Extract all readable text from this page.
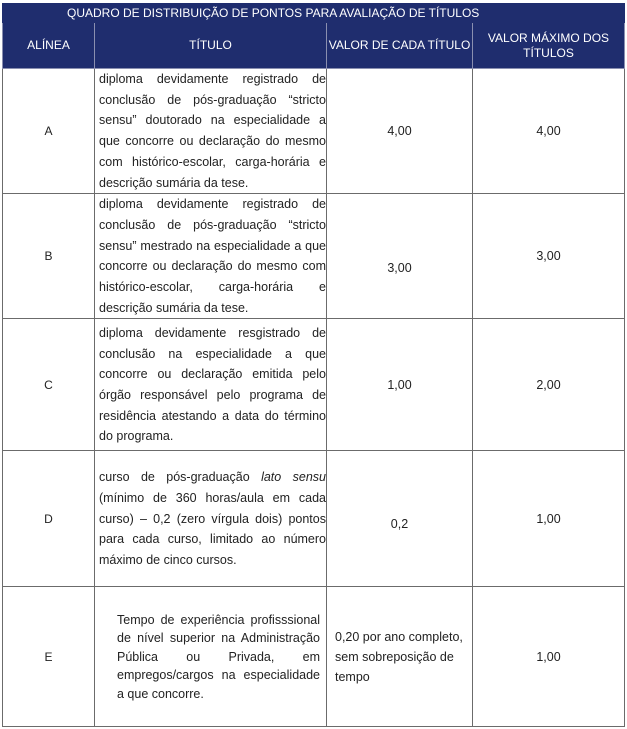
QUADRO DE DISTRIBUIÇÃO DE PONTOS PARA AVALIAÇÃO DE TÍTULOS			
ALÍNEA	TÍTULO	VALOR DE CADA TÍTULO	VALOR MÁXIMO DOS TÍTULOS
A	diploma devidamente registrado de conclusão de pós-graduação “stricto sensu” doutorado na especialidade a que concorre ou declaração do mesmo com histórico-escolar, carga-horária e descrição sumária da tese.	4,00	4,00
B	diploma devidamente registrado de conclusão de pós-graduação “stricto sensu” mestrado na especialidade a que concorre ou declaração do mesmo com histórico-escolar, carga-horária e descrição sumária da tese.	3,00	3,00
C	diploma devidamente resgistrado de conclusão na especialidade a que concorre ou declaração emitida pelo órgão responsável pelo programa de residência atestando a data do término do programa.	1,00	2,00
D	curso de pós-graduação lato sensu (mínimo de 360 horas/aula em cada curso) – 0,2 (zero vírgula dois) pontos para cada curso, limitado ao número máximo de cinco cursos.	0,2	1,00
E	Tempo de experiência profisssional de nível superior na Administração Pública ou Privada, em empregos/cargos na especialidade a que concorre.	0,20 por ano completo, sem sobreposição de tempo	1,00
